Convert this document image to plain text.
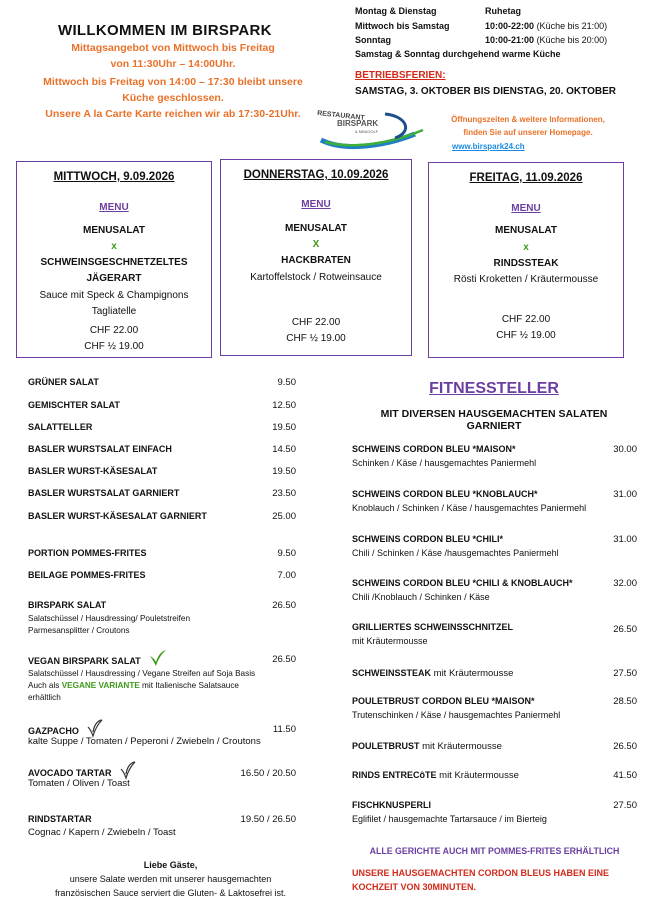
WILLKOMMEN IM BIRSPARK
Mittagsangebot von Mittwoch bis Freitag
von 11:30Uhr – 14:00Uhr.
Mittwoch bis Freitag von 14:00 – 17:30 bleibt unsere
Küche geschlossen.
Unsere A la Carte Karte reichen wir ab 17:30-21Uhr.
Montag & Dienstag	Ruhetag
Mittwoch bis Samstag	10:00-22:00 (Küche bis 21:00)
Sonntag	10:00-21:00 (Küche bis 20:00)
Samstag & Sonntag durchgehend warme Küche
BETRIEBSFERIEN:
SAMSTAG, 3. OKTOBER BIS DIENSTAG, 20. OKTOBER
RESTAURANT
BIRSPARK
& MINIGOLF
Öffnungszeiten & weitere Informationen,
finden Sie auf unserer Homepage.
www.birspark24.ch
MITTWOCH, 9.09.2026
MENU
MENUSALAT
x
SCHWEINSGESCHNETZELTES
JÄGERART
Sauce mit Speck & Champignons
Tagliatelle
CHF 22.00
CHF ½ 19.00
DONNERSTAG, 10.09.2026
MENU
MENUSALAT
X
HACKBRATEN
Kartoffelstock / Rotweinsauce
CHF 22.00
CHF ½ 19.00
FREITAG, 11.09.2026
MENU
MENUSALAT
x
RINDSSTEAK
Rösti Kroketten / Kräutermousse
CHF 22.00
CHF ½ 19.00
GRÜNER SALAT	9.50
GEMISCHTER SALAT	12.50
SALATTELLER	19.50
BASLER WURSTSALAT EINFACH	14.50
BASLER WURST-KÄSESALAT	19.50
BASLER WURSTSALAT GARNIERT	23.50
BASLER WURST-KÄSESALAT GARNIERT	25.00
PORTION POMMES-FRITES	9.50
BEILAGE POMMES-FRITES	7.00
BIRSPARK SALAT	26.50
Salatschüssel / Hausdressing/ Pouletstreifen
Parmesansplitter / Croutons
VEGAN BIRSPARK SALAT	26.50
Salatschüssel / Hausdressing / Vegane Streifen auf Soja Basis
Auch als VEGANE VARIANTE mit Italienische Salatsauce
erhältlich
GAZPACHO	11.50
kalte Suppe / Tomaten / Peperoni / Zwiebeln / Croutons
AVOCADO TARTAR	16.50 / 20.50
Tomaten / Oliven / Toast
RINDSTARTAR	19.50 / 26.50
Cognac / Kapern / Zwiebeln / Toast
Liebe Gäste,
unsere Salate werden mit unserer hausgemachten
französischen Sauce serviert die Gluten- & Laktosefrei ist.
FITNESSTELLER
MIT DIVERSEN HAUSGEMACHTEN SALATEN GARNIERT
SCHWEINS CORDON BLEU *MAISON*	30.00
Schinken / Käse / hausgemachtes Paniermehl
SCHWEINS CORDON BLEU *KNOBLAUCH*	31.00
Knoblauch / Schinken / Käse / hausgemachtes Paniermehl
SCHWEINS CORDON BLEU *CHILI*	31.00
Chili / Schinken / Käse /hausgemachtes Paniermehl
SCHWEINS CORDON BLEU *CHILI & KNOBLAUCH*	32.00
Chili /Knoblauch / Schinken / Käse
GRILLIERTES SCHWEINSSCHNITZEL	26.50
mit Kräutermousse
SCHWEINSSTEAK mit Kräutermousse	27.50
POULETBRUST CORDON BLEU *MAISON*	28.50
Trutenschinken / Käse / hausgemachtes Paniermehl
POULETBRUST mit Kräutermousse	26.50
RINDS ENTRECôTE mit Kräutermousse	41.50
FISCHKNUSPERLI	27.50
Eglifilet / hausgemachte Tartarsauce / im Bierteig
ALLE GERICHTE AUCH MIT POMMES-FRITES ERHÄLTLICH
UNSERE HAUSGEMACHTEN CORDON BLEUS HABEN EINE
KOCHZEIT VON 30MINUTEN.
